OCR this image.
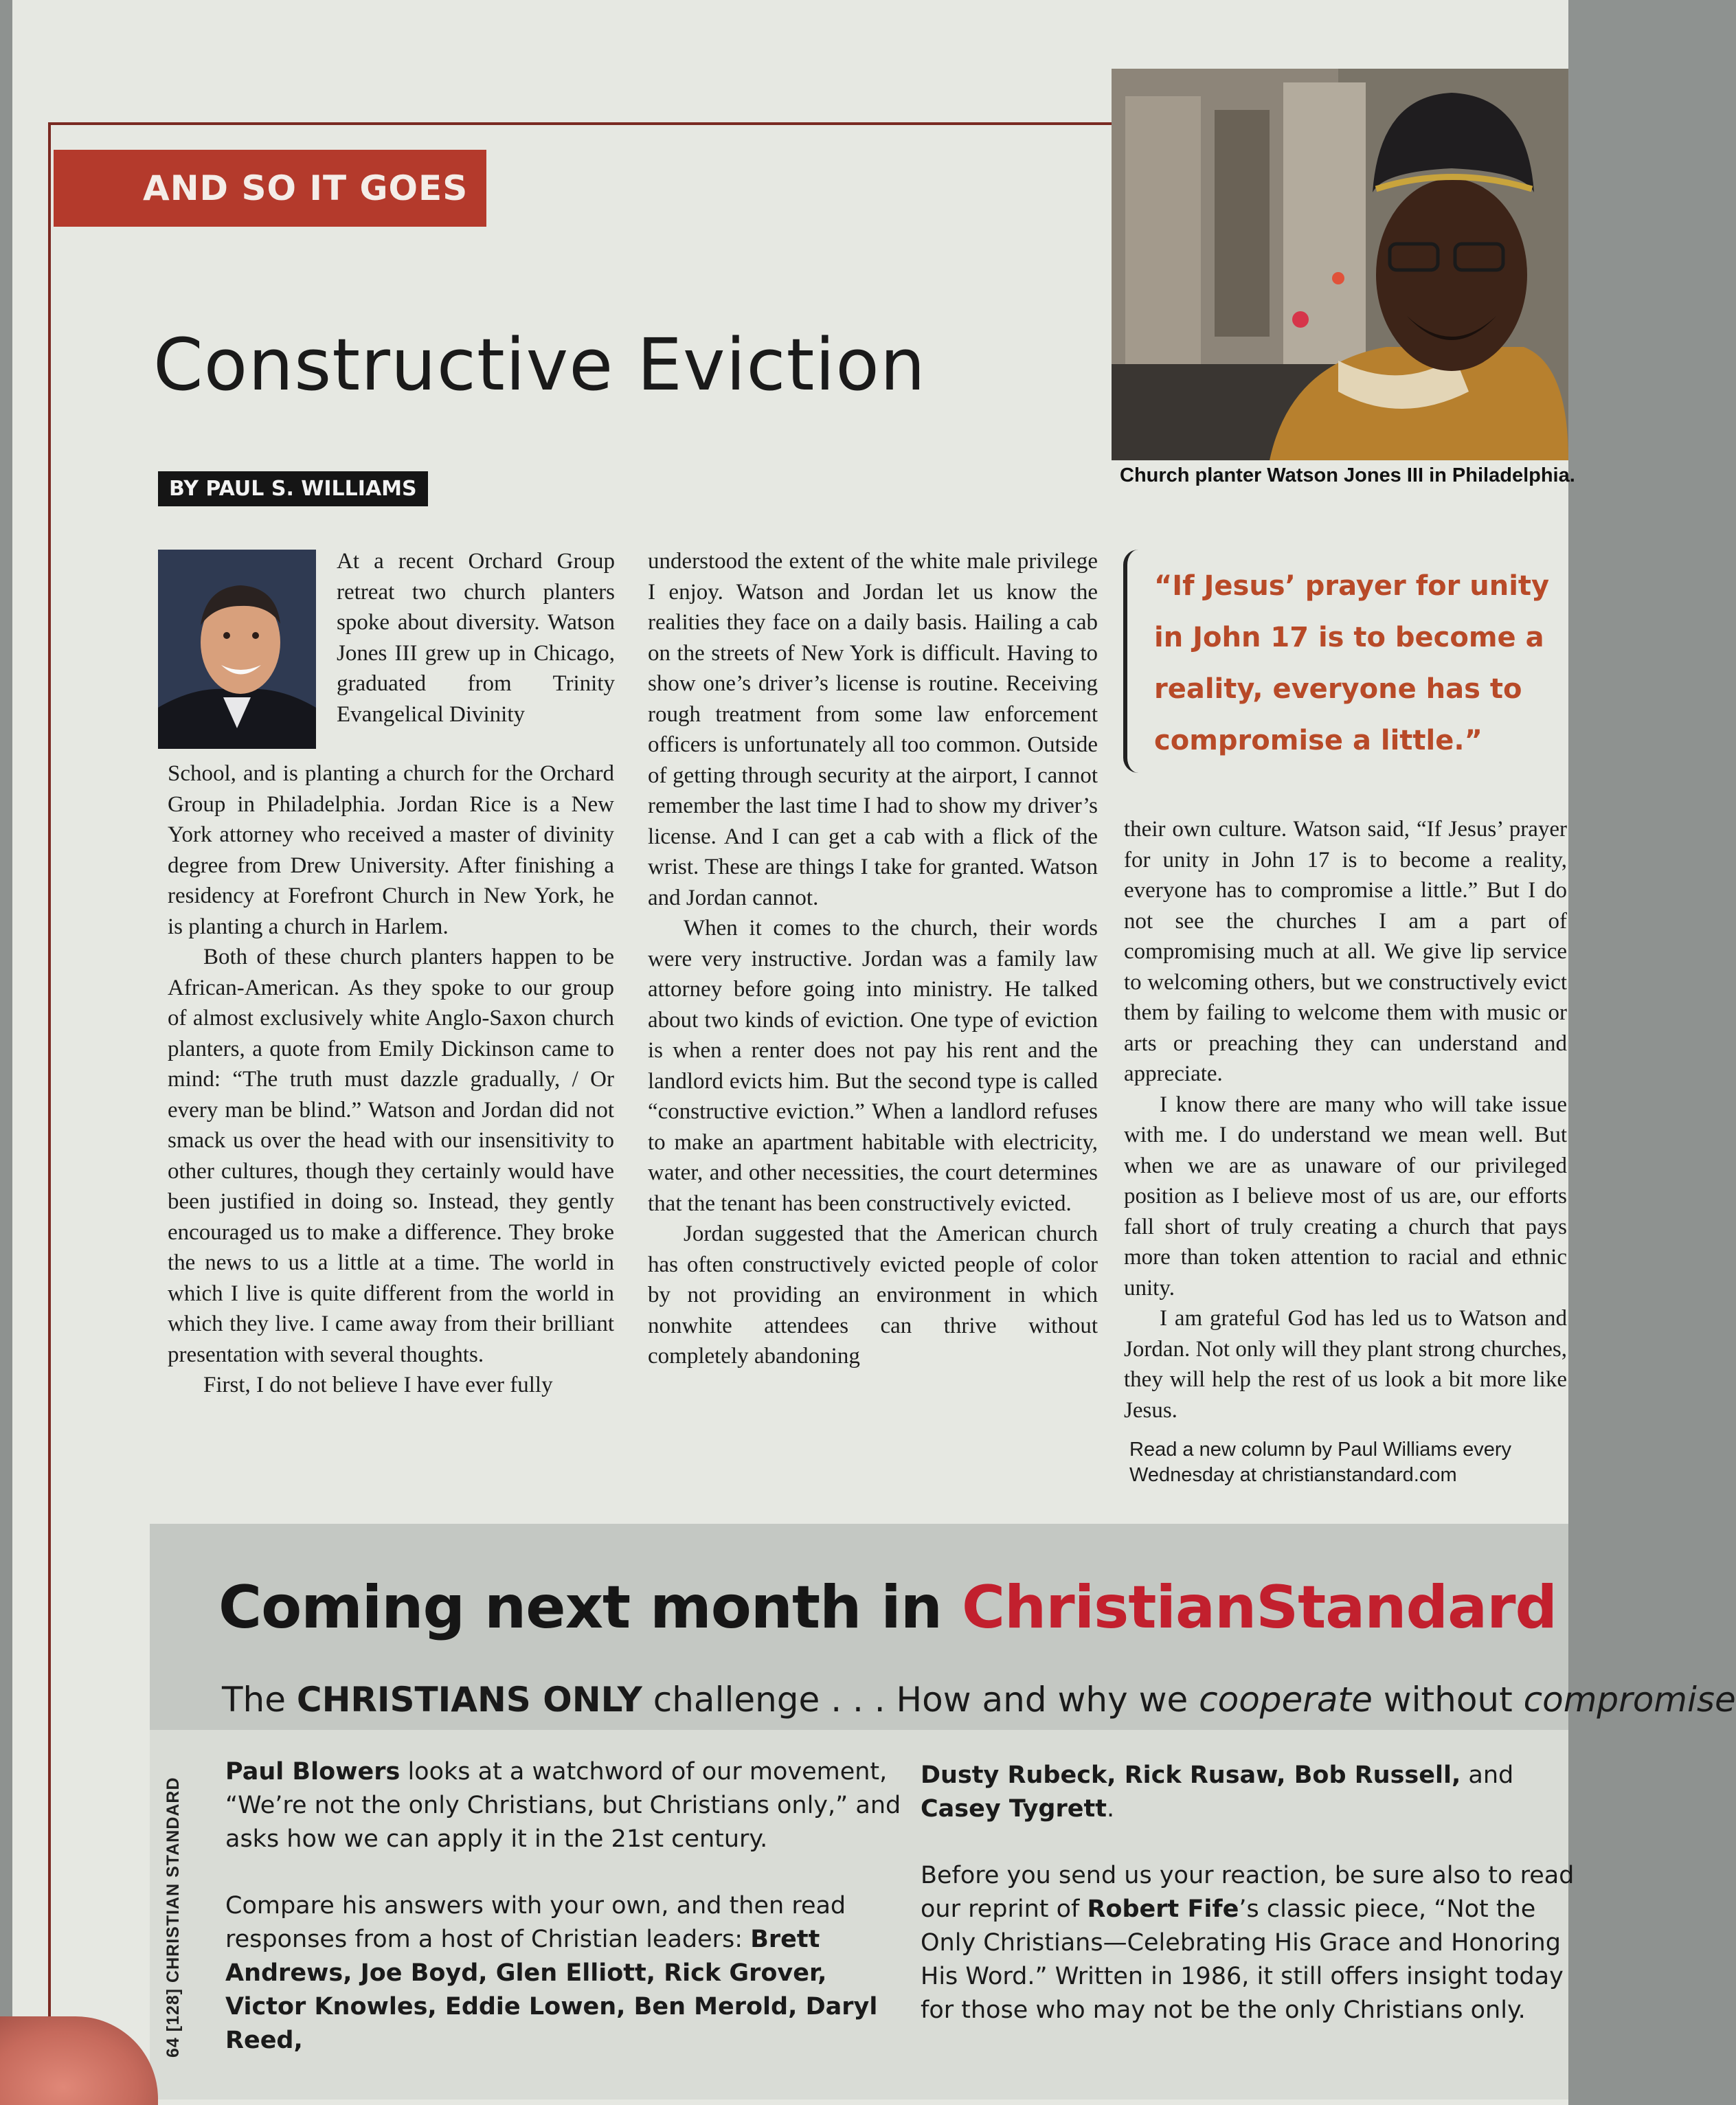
AND SO IT GOES
Constructive Eviction
BY PAUL S. WILLIAMS

At a recent Orchard Group retreat two church planters spoke about diversity. Watson Jones III grew up in Chicago, graduated from Trinity Evangelical Divinity

School, and is planting a church for the Orchard Group in Philadelphia. Jordan Rice is a New York attorney who received a master of divinity degree from Drew University. After finishing a residency at Forefront Church in New York, he is planting a church in Harlem.

Both of these church planters happen to be African-American. As they spoke to our group of almost exclusively white Anglo-Saxon church planters, a quote from Emily Dickinson came to mind: “The truth must dazzle gradually, / Or every man be blind.” Watson and Jordan did not smack us over the head with our insensitivity to other cultures, though they certainly would have been justified in doing so. Instead, they gently encouraged us to make a difference. They broke the news to us a little at a time. The world in which I live is quite different from the world in which they live. I came away from their brilliant presentation with several thoughts.

First, I do not believe I have ever fully

understood the extent of the white male privilege I enjoy. Watson and Jordan let us know the realities they face on a daily basis. Hailing a cab on the streets of New York is difficult. Having to show one’s driver’s license is routine. Receiving rough treatment from some law enforcement officers is unfortunately all too common. Outside of getting through security at the airport, I cannot remember the last time I had to show my driver’s license. And I can get a cab with a flick of the wrist. These are things I take for granted. Watson and Jordan cannot.

When it comes to the church, their words were very instructive. Jordan was a family law attorney before going into ministry. He talked about two kinds of eviction. One type of eviction is when a renter does not pay his rent and the landlord evicts him. But the second type is called “constructive eviction.” When a landlord refuses to make an apartment habitable with electricity, water, and other necessities, the court determines that the tenant has been constructively evicted.

Jordan suggested that the American church has often constructively evicted people of color by not providing an environment in which nonwhite attendees can thrive without completely abandoning

Church planter Watson Jones III in Philadelphia.
“If Jesus’ prayer for unity in John 17 is to become a reality, everyone has to compromise a little.”

their own culture. Watson said, “If Jesus’ prayer for unity in John 17 is to become a reality, everyone has to compromise a little.” But I do not see the churches I am a part of compromising much at all. We give lip service to welcoming others, but we constructively evict them by failing to welcome them with music or arts or preaching they can understand and appreciate.

I know there are many who will take issue with me. I do understand we mean well. But when we are as unaware of our privileged position as I believe most of us are, our efforts fall short of truly creating a church that pays more than token attention to racial and ethnic unity.

I am grateful God has led us to Watson and Jordan. Not only will they plant strong churches, they will help the rest of us look a bit more like Jesus.

Read a new column by Paul Williams every Wednesday at christianstandard.com
Coming next month in ChristianStandard
The CHRISTIANS ONLY challenge . . . How and why we cooperate without compromise

Paul Blowers looks at a watchword of our movement, “We’re not the only Christians, but Christians only,” and asks how we can apply it in the 21st century.

Compare his answers with your own, and then read responses from a host of Christian leaders: Brett Andrews, Joe Boyd, Glen Elliott, Rick Grover, Victor Knowles, Eddie Lowen, Ben Merold, Daryl Reed,

Dusty Rubeck, Rick Rusaw, Bob Russell, and Casey Tygrett.

Before you send us your reaction, be sure also to read our reprint of Robert Fife’s classic piece, “Not the Only Christians—Celebrating His Grace and Honoring His Word.” Written in 1986, it still offers insight today for those who may not be the only Christians only.

64 [128] CHRISTIAN STANDARD
